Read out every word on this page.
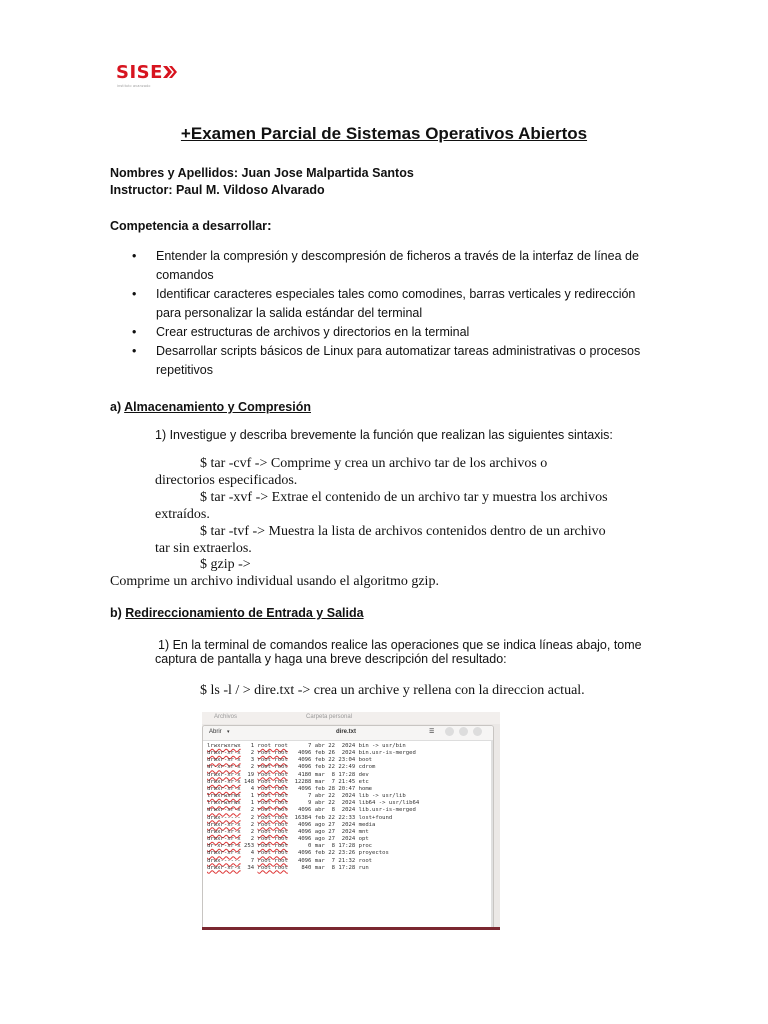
SISE
instituto avanzado
+Examen Parcial de Sistemas Operativos Abiertos
Nombres y Apellidos: Juan Jose Malpartida Santos
Instructor: Paul M. Vildoso Alvarado
Competencia a desarrollar:
• Entender la compresión y descompresión de ficheros a través de la interfaz de línea de comandos
• Identificar caracteres especiales tales como comodines, barras verticales y redirección para personalizar la salida estándar del terminal
• Crear estructuras de archivos y directorios en la terminal
• Desarrollar scripts básicos de Linux para automatizar tareas administrativas o procesos repetitivos
a) Almacenamiento y Compresión
1) Investigue y describa brevemente la función que realizan las siguientes sintaxis:
$ tar -cvf -> Comprime y crea un archivo tar de los archivos o
directorios especificados.
$ tar -xvf -> Extrae el contenido de un archivo tar y muestra los archivos
extraídos.
$ tar -tvf -> Muestra la lista de archivos contenidos dentro de un archivo
tar sin extraerlos.
$ gzip ->
Comprime un archivo individual usando el algoritmo gzip.
b) Redireccionamiento de Entrada y Salida
1) En la terminal de comandos realice las operaciones que se indica líneas abajo, tome
captura de pantalla y haga una breve descripción del resultado:
$ ls -l / > dire.txt -> crea un archive y rellena con la direccion actual.
Archivos	Carpeta personal
Abrir ▾	dire.txt	☰
lrwxrwxrwx   1 root root      7 abr 22  2024 bin -> usr/bin
drwxr-xr-x   2 root root   4096 feb 26  2024 bin.usr-is-merged
drwxr-xr-x   3 root root   4096 feb 22 23:04 boot
dr-xr-xr-x   2 root root   4096 feb 22 22:49 cdrom
drwxr-xr-x  19 root root   4180 mar  8 17:28 dev
drwxr-xr-x 148 root root  12288 mar  7 21:45 etc
drwxr-xr-x   4 root root   4096 feb 28 20:47 home
lrwxrwxrwx   1 root root      7 abr 22  2024 lib -> usr/lib
lrwxrwxrwx   1 root root      9 abr 22  2024 lib64 -> usr/lib64
drwxr-xr-x   2 root root   4096 abr  8  2024 lib.usr-is-merged
drwx------   2 root root  16384 feb 22 22:33 lost+found
drwxr-xr-x   2 root root   4096 ago 27  2024 media
drwxr-xr-x   2 root root   4096 ago 27  2024 mnt
drwxr-xr-x   2 root root   4096 ago 27  2024 opt
dr-xr-xr-x 253 root root      0 mar  8 17:28 proc
drwxr-xr-x   4 root root   4096 feb 22 23:26 proyectos
drwx------   7 root root   4096 mar  7 21:32 root
drwxr-xr-x  34 root root    840 mar  8 17:28 run
